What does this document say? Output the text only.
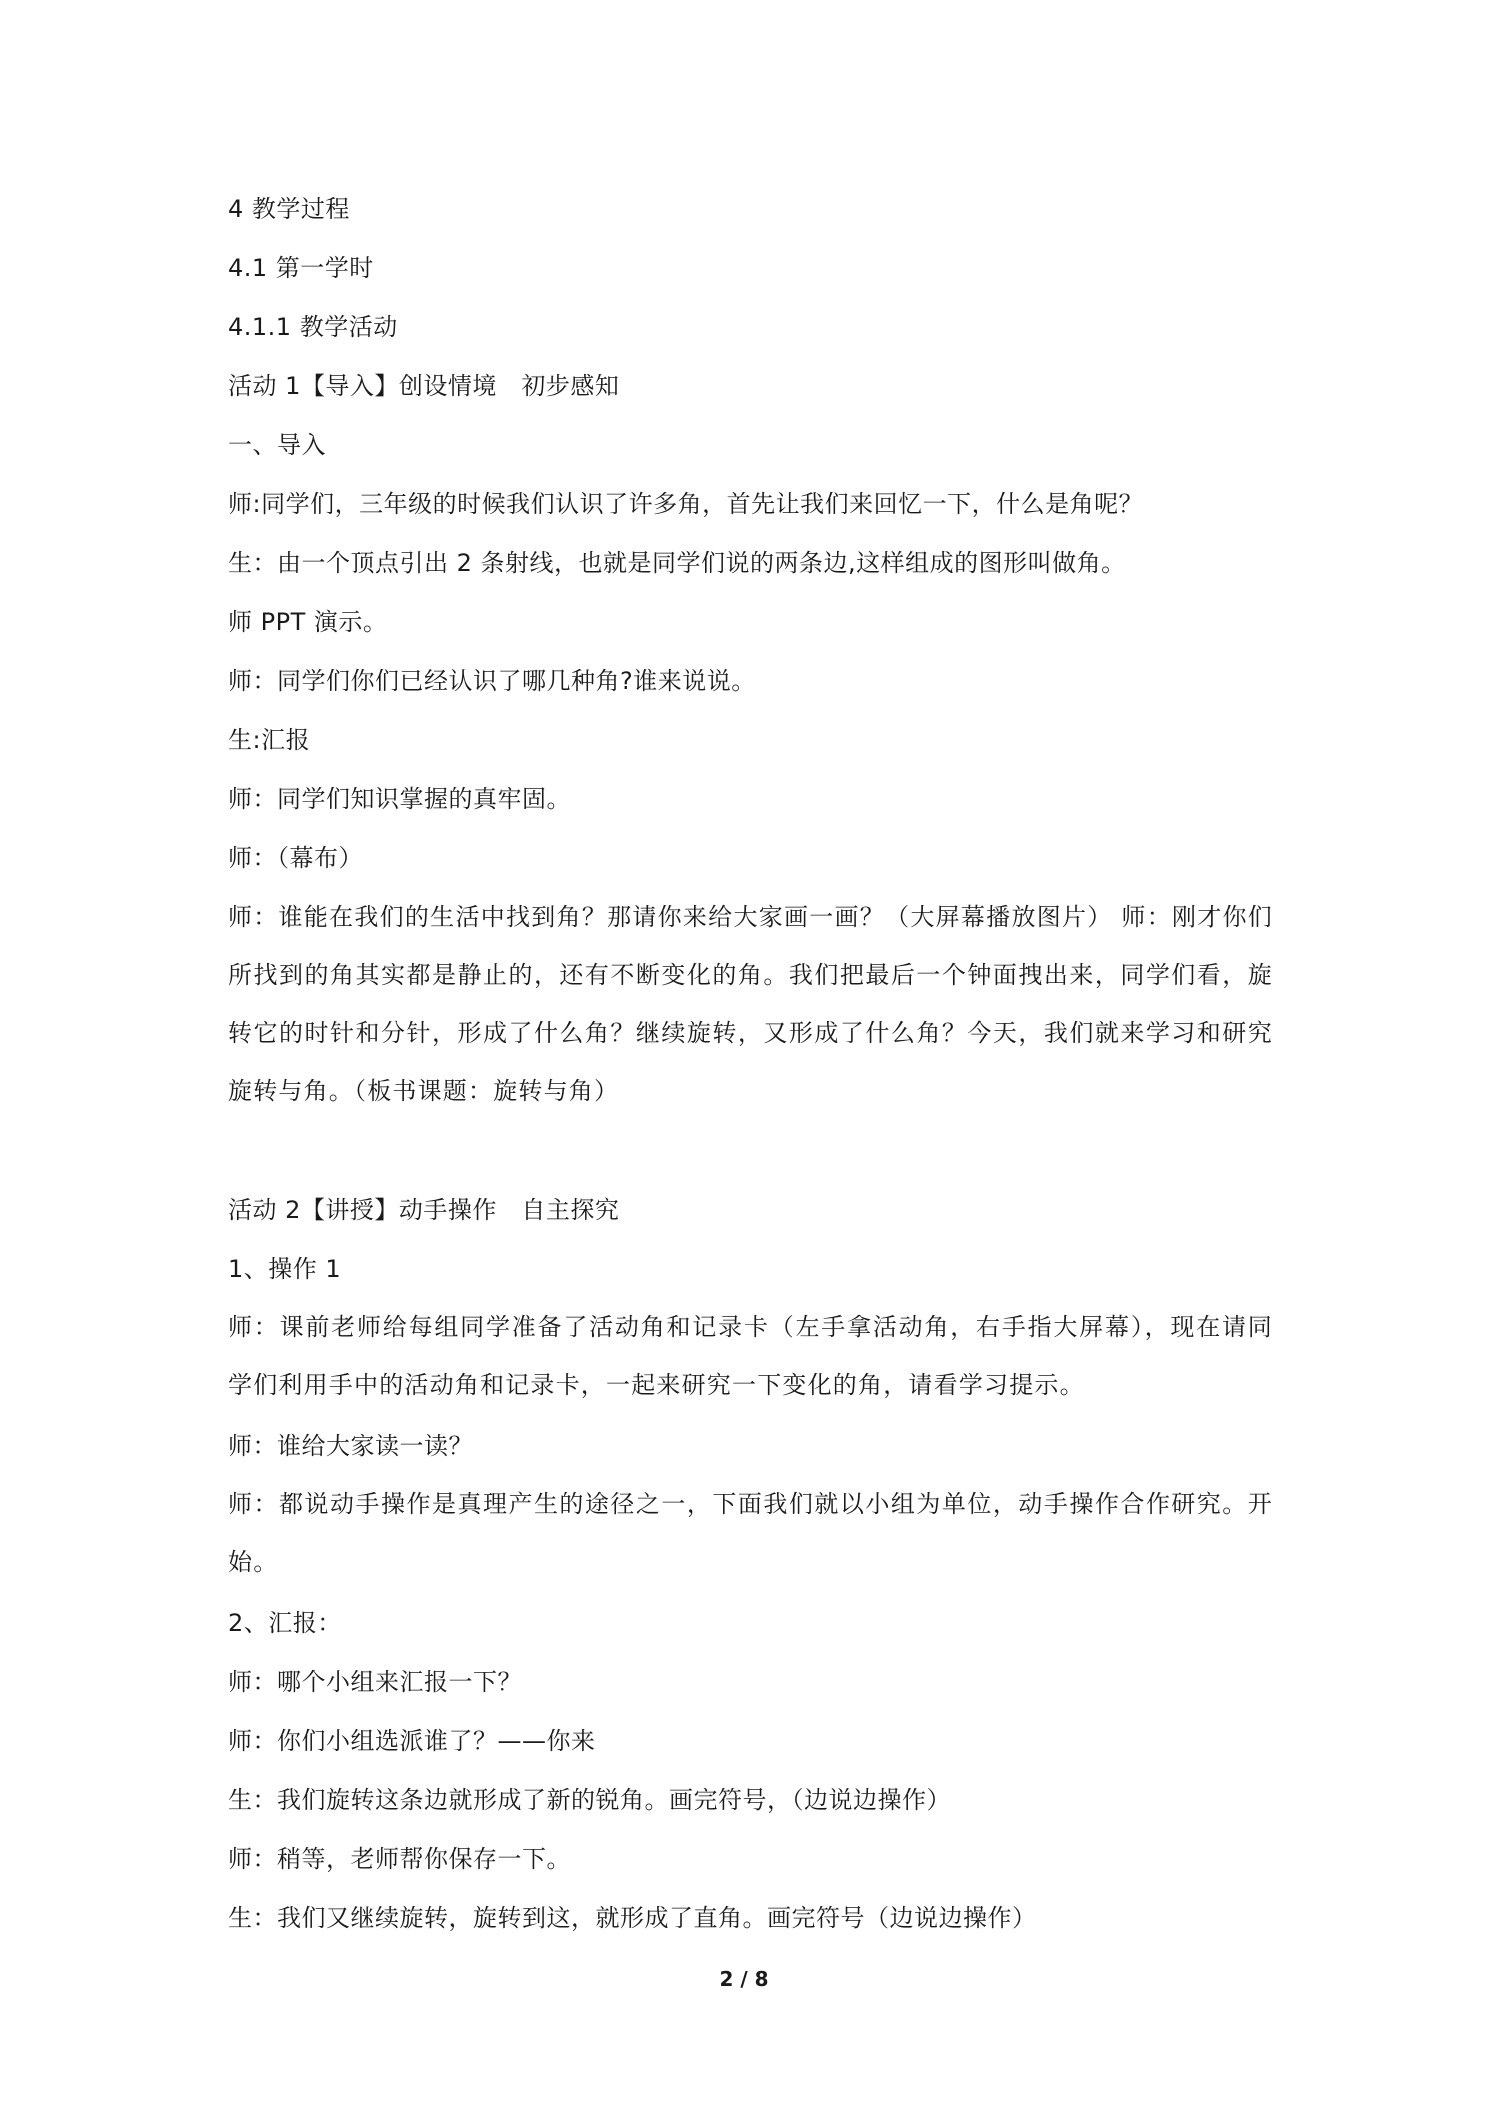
4 教学过程
4.1 第一学时
4.1.1 教学活动
活动 1【导入】创设情境　初步感知
一、导入
师:同学们，三年级的时候我们认识了许多角，首先让我们来回忆一下，什么是角呢？
生：由一个顶点引出 2 条射线，也就是同学们说的两条边,这样组成的图形叫做角。
师 PPT 演示。
师：同学们你们已经认识了哪几种角?谁来说说。
生:汇报
师：同学们知识掌握的真牢固。
师：（幕布）
师：谁能在我们的生活中找到角？那请你来给大家画一画？（大屏幕播放图片） 师：刚才你们所找到的角其实都是静止的，还有不断变化的角。我们把最后一个钟面拽出来，同学们看，旋转它的时针和分针，形成了什么角？继续旋转，又形成了什么角？今天，我们就来学习和研究旋转与角。（板书课题：旋转与角）
活动 2【讲授】动手操作　自主探究
1、操作 1
师：课前老师给每组同学准备了活动角和记录卡（左手拿活动角，右手指大屏幕），现在请同学们利用手中的活动角和记录卡，一起来研究一下变化的角，请看学习提示。
师：谁给大家读一读？
师：都说动手操作是真理产生的途径之一，下面我们就以小组为单位，动手操作合作研究。开始。
2、汇报：
师：哪个小组来汇报一下？
师：你们小组选派谁了？——你来
生：我们旋转这条边就形成了新的锐角。画完符号，（边说边操作）
师：稍等，老师帮你保存一下。
生：我们又继续旋转，旋转到这，就形成了直角。画完符号（边说边操作）
2 / 8
